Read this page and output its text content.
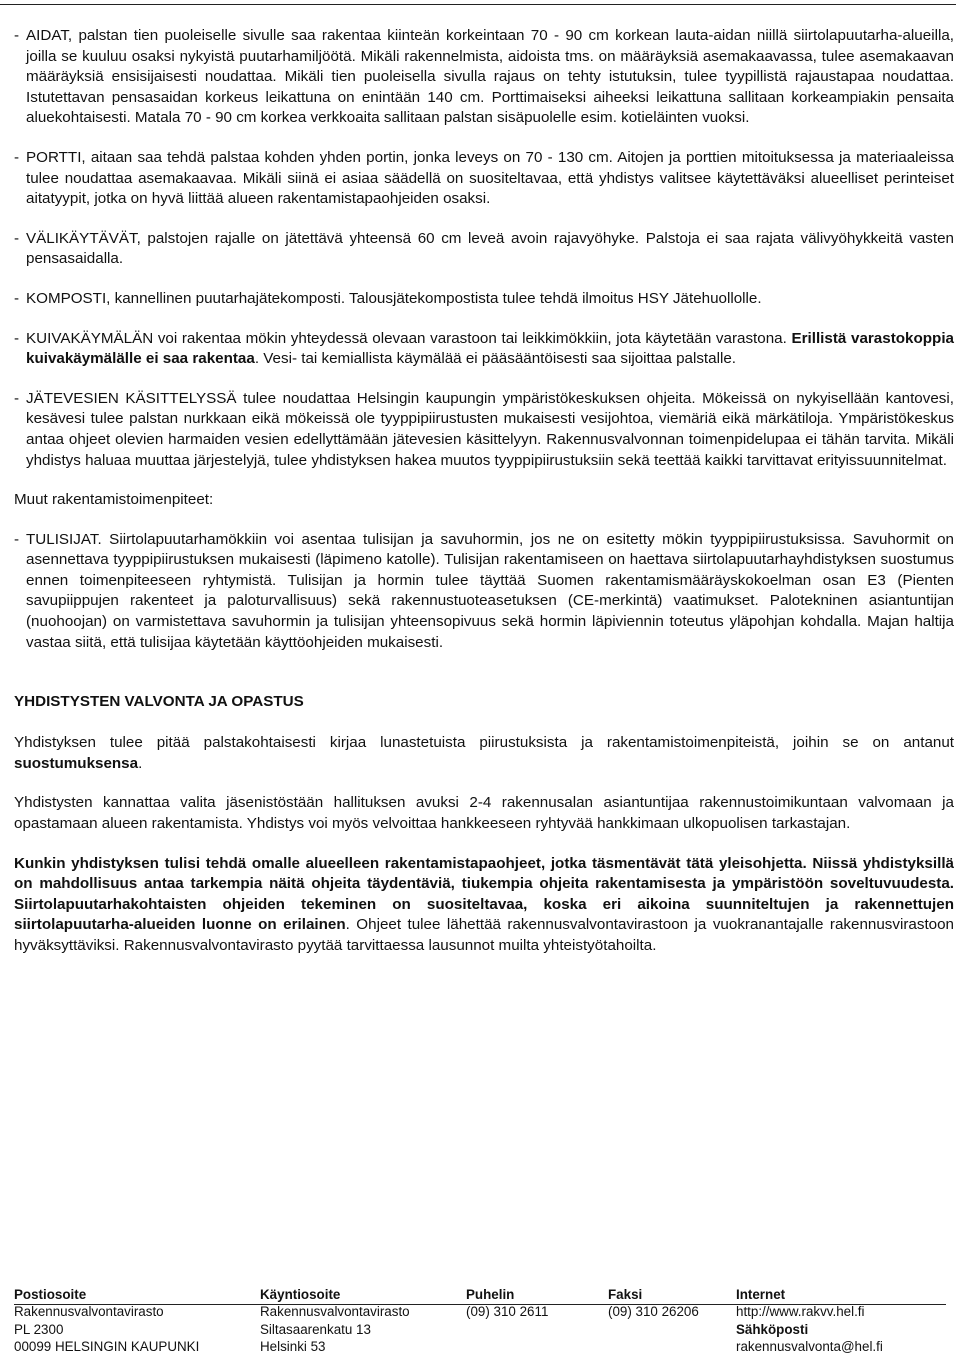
- AIDAT, palstan tien puoleiselle sivulle saa rakentaa kiinteän korkeintaan 70 - 90 cm korkean lauta-aidan niillä siirtolapuutarha-alueilla, joilla se kuuluu osaksi nykyistä puutarhamiljöötä. Mikäli rakennelmista, aidoista tms. on määräyksiä asemakaavassa, tulee asemakaavan määräyksiä ensisijaisesti noudattaa. Mikäli tien puoleisella sivulla rajaus on tehty istutuksin, tulee tyypillistä rajaustapaa noudattaa. Istutettavan pensasaidan korkeus leikattuna on enintään 140 cm. Porttimaiseksi aiheeksi leikattuna sallitaan korkeampiakin pensaita aluekohtaisesti. Matala 70 - 90 cm korkea verkkoaita sallitaan palstan sisäpuolelle esim. kotieläinten vuoksi.
- PORTTI, aitaan saa tehdä palstaa kohden yhden portin, jonka leveys on 70 - 130 cm. Aitojen ja porttien mitoituksessa ja materiaaleissa tulee noudattaa asemakaavaa. Mikäli siinä ei asiaa säädellä on suositeltavaa, että yhdistys valitsee käytettäväksi alueelliset perinteiset aitatyypit, jotka on hyvä liittää alueen rakentamistapaohjeiden osaksi.
- VÄLIKÄYTÄVÄT, palstojen rajalle on jätettävä yhteensä 60 cm leveä avoin rajavyöhyke. Palstoja ei saa rajata välivyöhykkeitä vasten pensasaidalla.
- KOMPOSTI, kannellinen puutarhajätekomposti. Talousjätekompostista tulee tehdä ilmoitus HSY Jätehuollolle.
- KUIVAKÄYMÄLÄN voi rakentaa mökin yhteydessä olevaan varastoon tai leikkimökkiin, jota käytetään varastona. Erillistä varastokoppia kuivakäymälälle ei saa rakentaa. Vesi- tai kemiallista käymälää ei pääsääntöisesti saa sijoittaa palstalle.
- JÄTEVESIEN KÄSITTELYSSÄ tulee noudattaa Helsingin kaupungin ympäristökeskuksen ohjeita. Mökeissä on nykyisellään kantovesi, kesävesi tulee palstan nurkkaan eikä mökeissä ole tyyppipiirustusten mukaisesti vesijohtoa, viemäriä eikä märkätiloja. Ympäristökeskus antaa ohjeet olevien harmaiden vesien edellyttämään jätevesien käsittelyyn. Rakennusvalvonnan toimenpidelupaa ei tähän tarvita. Mikäli yhdistys haluaa muuttaa järjestelyjä, tulee yhdistyksen hakea muutos tyyppipiirustuksiin sekä teettää kaikki tarvittavat erityissuunnitelmat.

Muut rakentamistoimenpiteet:

- TULISIJAT. Siirtolapuutarhamökkiin voi asentaa tulisijan ja savuhormin, jos ne on esitetty mökin tyyppipiirustuksissa. Savuhormit on asennettava tyyppipiirustuksen mukaisesti (läpimeno katolle). Tulisijan rakentamiseen on haettava siirtolapuutarhayhdistyksen suostumus ennen toimenpiteeseen ryhtymistä. Tulisijan ja hormin tulee täyttää Suomen rakentamismääräyskokoelman osan E3 (Pienten savupiippujen rakenteet ja paloturvallisuus) sekä rakennustuoteasetuksen (CE-merkintä) vaatimukset. Palotekninen asiantuntijan (nuohoojan) on varmistettava savuhormin ja tulisijan yhteensopivuus sekä hormin läpiviennin toteutus yläpohjan kohdalla. Majan haltija vastaa siitä, että tulisijaa käytetään käyttöohjeiden mukaisesti.
YHDISTYSTEN VALVONTA JA OPASTUS

Yhdistyksen tulee pitää palstakohtaisesti kirjaa lunastetuista piirustuksista ja rakentamistoimenpiteistä, joihin se on antanut suostumuksensa.

Yhdistysten kannattaa valita jäsenistöstään hallituksen avuksi 2-4 rakennusalan asiantuntijaa rakennustoimikuntaan valvomaan ja opastamaan alueen rakentamista. Yhdistys voi myös velvoittaa hankkeeseen ryhtyvää hankkimaan ulkopuolisen tarkastajan.

Kunkin yhdistyksen tulisi tehdä omalle alueelleen rakentamistapaohjeet, jotka täsmentävät tätä yleisohjetta. Niissä yhdistyksillä on mahdollisuus antaa tarkempia näitä ohjeita täydentäviä, tiukempia ohjeita rakentamisesta ja ympäristöön soveltuvuudesta. Siirtolapuutarhakohtaisten ohjeiden tekeminen on suositeltavaa, koska eri aikoina suunniteltujen ja rakennettujen siirtolapuutarha-alueiden luonne on erilainen. Ohjeet tulee lähettää rakennusvalvontavirastoon ja vuokranantajalle rakennusvirastoon hyväksyttäviksi. Rakennusvalvontavirasto pyytää tarvittaessa lausunnot muilta yhteistyötahoilta.

Postiosoite
Rakennusvalvontavirasto
PL 2300
00099 HELSINGIN KAUPUNKI
Käyntiosoite
Rakennusvalvontavirasto
Siltasaarenkatu 13
Helsinki 53
Puhelin
(09) 310 2611
Faksi
(09) 310 26206
Internet
http://www.rakvv.hel.fi
Sähköposti
rakennusvalvonta@hel.fi
